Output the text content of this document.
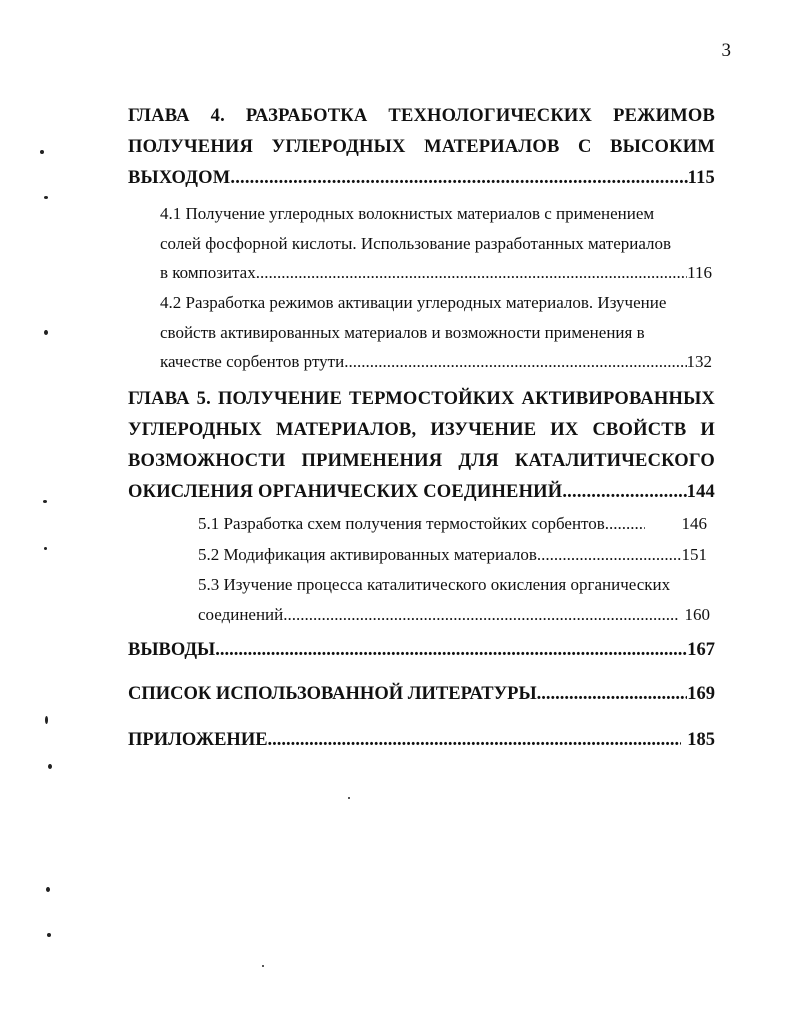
3
ГЛАВА 4. РАЗРАБОТКА ТЕХНОЛОГИЧЕСКИХ РЕЖИМОВ
ПОЛУЧЕНИЯ УГЛЕРОДНЫХ МАТЕРИАЛОВ С ВЫСОКИМ
ВЫХОДОМ .....	115
4.1 Получение углеродных волокнистых материалов с применением
солей фосфорной кислоты. Использование разработанных материалов
в композитах .....	116
4.2 Разработка режимов активации углеродных материалов. Изучение
свойств активированных материалов и возможности применения в
качестве сорбентов ртути .....	132
ГЛАВА 5. ПОЛУЧЕНИЕ ТЕРМОСТОЙКИХ АКТИВИРОВАННЫХ
УГЛЕРОДНЫХ МАТЕРИАЛОВ, ИЗУЧЕНИЕ ИХ СВОЙСТВ И
ВОЗМОЖНОСТИ ПРИМЕНЕНИЯ ДЛЯ КАТАЛИТИЧЕСКОГО
ОКИСЛЕНИЯ ОРГАНИЧЕСКИХ СОЕДИНЕНИЙ .....	144
5.1 Разработка схем получения термостойких сорбентов .....	146
5.2 Модификация активированных материалов .....	151
5.3 Изучение процесса каталитического окисления органических
соединений .....	160
ВЫВОДЫ .....	167
СПИСОК ИСПОЛЬЗОВАННОЙ ЛИТЕРАТУРЫ .....	169
ПРИЛОЖЕНИЕ .....	185
